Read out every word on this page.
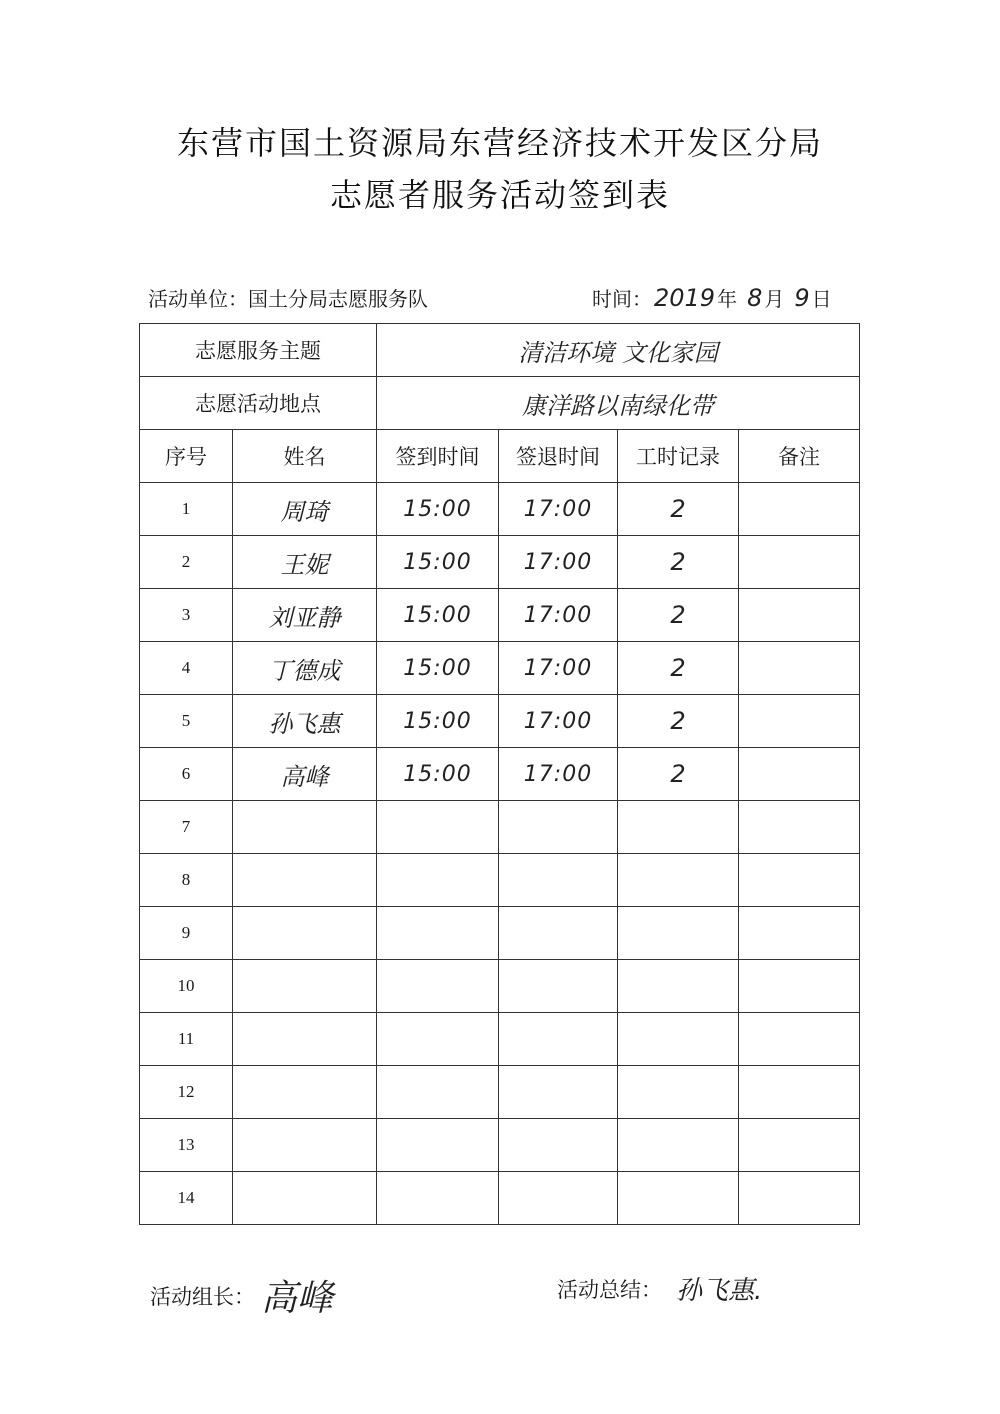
东营市国土资源局东营经济技术开发区分局
志愿者服务活动签到表
活动单位：国土分局志愿服务队	时间： 2019 年 8 月 9 日
志愿服务主题		清洁环境 文化家园			
志愿活动地点		康洋路以南绿化带			
序号	姓名	签到时间	签退时间	工时记录	备注
1	周琦	15:00	17:00	2	
2	王妮	15:00	17:00	2	
3	刘亚静	15:00	17:00	2	
4	丁德成	15:00	17:00	2	
5	孙飞惠	15:00	17:00	2	
6	高峰	15:00	17:00	2	
7					
8					
9					
10					
11					
12					
13					
14					
活动组长： 高峰	活动总结： 孙飞惠.
